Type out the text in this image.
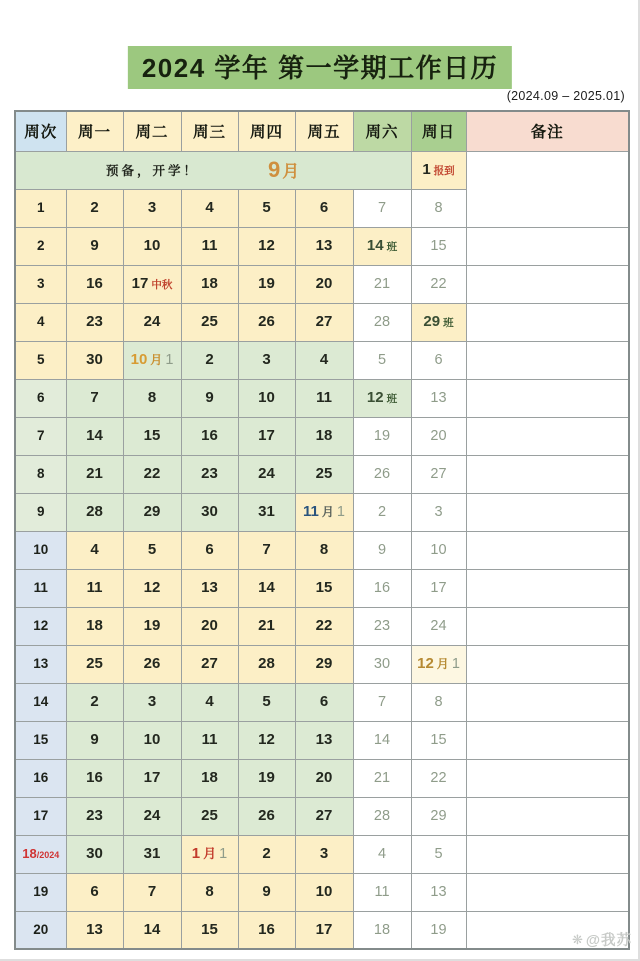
2024 学年 第一学期工作日历
(2024.09 – 2025.01)
周次	周一	周二	周三	周四	周五	周六	周日	备注

预备，开学！ 9 月							1 报到	
1	2	3	4	5	6	7	8	
2	9	10	11	12	13	14 班	15	
3	16	17 中秋	18	19	20	21	22	
4	23	24	25	26	27	28	29 班	
5	30	10 月 1	2	3	4	5	6	
6	7	8	9	10	11	12 班	13	
7	14	15	16	17	18	19	20	
8	21	22	23	24	25	26	27	
9	28	29	30	31	11 月 1	2	3	
10	4	5	6	7	8	9	10	
11	11	12	13	14	15	16	17	
12	18	19	20	21	22	23	24	
13	25	26	27	28	29	30	12 月 1	
14	2	3	4	5	6	7	8	
15	9	10	11	12	13	14	15	
16	16	17	18	19	20	21	22	
17	23	24	25	26	27	28	29	
18/2024	30	31	1 月 1	2	3	4	5	
19	6	7	8	9	10	11	13	
20	13	14	15	16	17	18	19	
❋ @我苏
